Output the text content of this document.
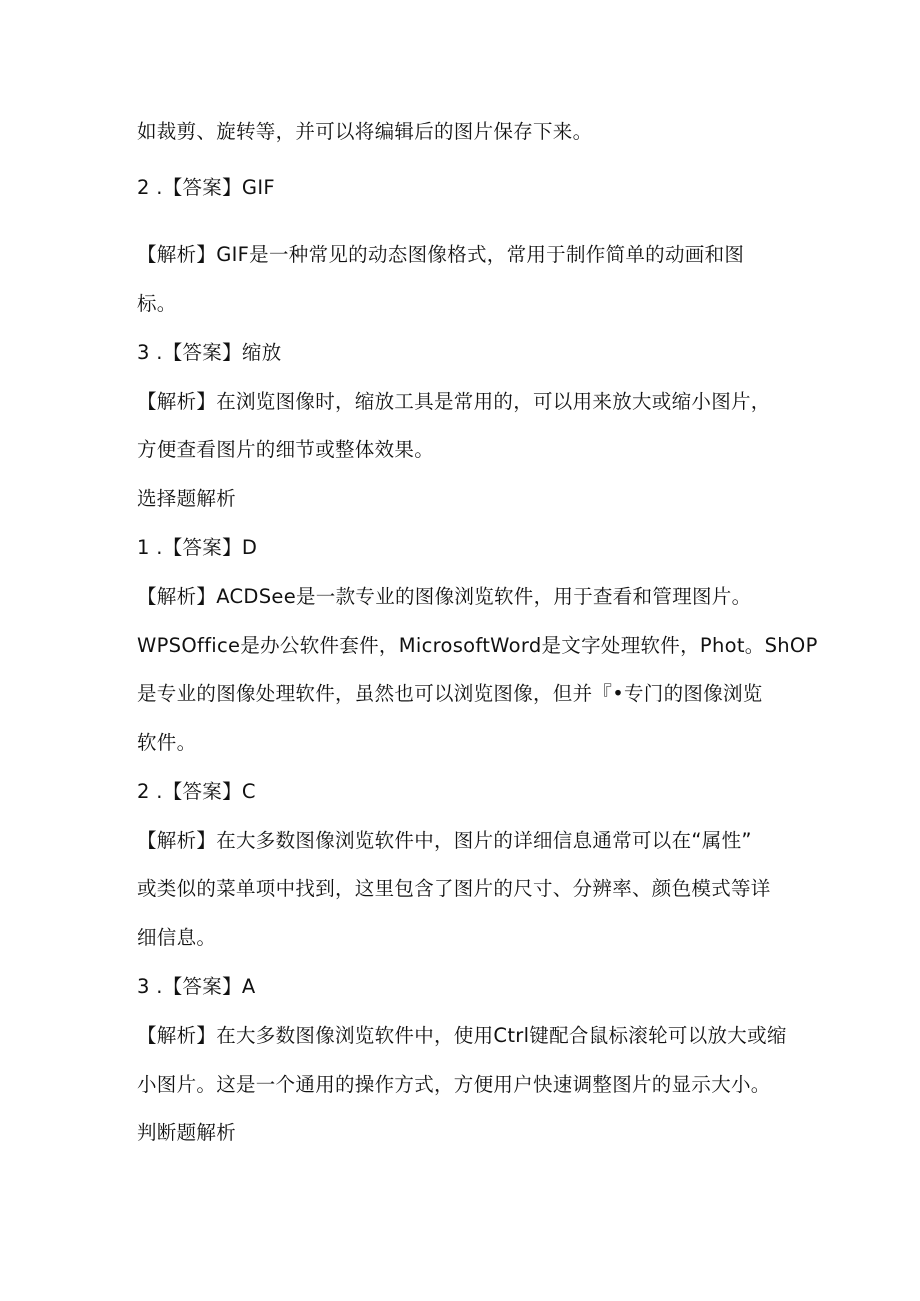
如裁剪、旋转等，并可以将编辑后的图片保存下来。
2 .【答案】GIF
【解析】GIF是一种常见的动态图像格式，常用于制作简单的动画和图
标。
3 .【答案】缩放
【解析】在浏览图像时，缩放工具是常用的，可以用来放大或缩小图片，
方便查看图片的细节或整体效果。
选择题解析
1 .【答案】D
【解析】ACDSee是一款专业的图像浏览软件，用于查看和管理图片。
WPSOffice是办公软件套件，MicrosoftWord是文字处理软件，Phot。ShOP
是专业的图像处理软件，虽然也可以浏览图像，但并『•专门的图像浏览
软件。
2 .【答案】C
【解析】在大多数图像浏览软件中，图片的详细信息通常可以在“属性”
或类似的菜单项中找到，这里包含了图片的尺寸、分辨率、颜色模式等详
细信息。
3 .【答案】A
【解析】在大多数图像浏览软件中，使用Ctrl键配合鼠标滚轮可以放大或缩
小图片。这是一个通用的操作方式，方便用户快速调整图片的显示大小。
判断题解析
